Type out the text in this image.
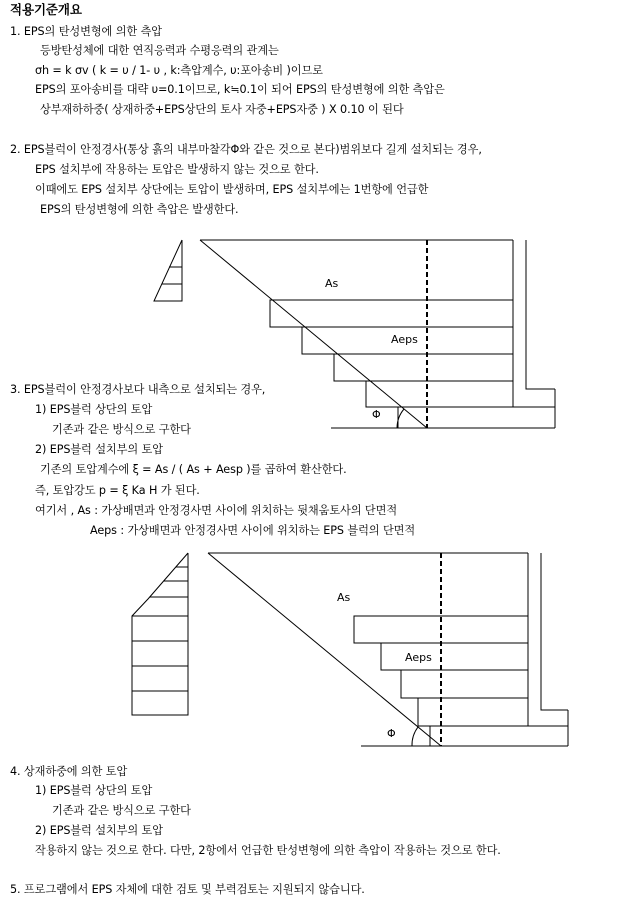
적용기준개요
1. EPS의 탄성변형에 의한 측압
등방탄성체에 대한 연직응력과 수평응력의 관계는
σh = k σv ( k = υ / 1- υ , k:측압계수, υ:포아송비 )이므로
EPS의 포아송비를 대략 υ=0.1이므로, k≒0.1이 되어 EPS의 탄성변형에 의한 측압은
상부재하하중( 상재하중+EPS상단의 토사 자중+EPS자중 ) X 0.10 이 된다
2. EPS블럭이 안정경사(통상 흙의 내부마찰각Φ와 같은 것으로 본다)범위보다 길게 설치되는 경우,
EPS 설치부에 작용하는 토압은 발생하지 않는 것으로 한다.
이때에도 EPS 설치부 상단에는 토압이 발생하며, EPS 설치부에는 1번항에 언급한
EPS의 탄성변형에 의한 측압은 발생한다.
As
Aeps
Φ
3. EPS블럭이 안정경사보다 내측으로 설치되는 경우,
1) EPS블럭 상단의 토압
기존과 같은 방식으로 구한다
2) EPS블럭 설치부의 토압
기존의 토압계수에 ξ = As / ( As + Aesp )를 곱하여 환산한다.
즉, 토압강도 p = ξ Ka H 가 된다.
여기서 , As : 가상배면과 안정경사면 사이에 위치하는 뒷채움토사의 단면적
Aeps : 가상배면과 안정경사면 사이에 위치하는 EPS 블럭의 단면적
As
Aeps
Φ
4. 상재하중에 의한 토압
1) EPS블럭 상단의 토압
기존과 같은 방식으로 구한다
2) EPS블럭 설치부의 토압
작용하지 않는 것으로 한다. 다만, 2항에서 언급한 탄성변형에 의한 측압이 작용하는 것으로 한다.
5. 프로그램에서 EPS 자체에 대한 검토 및 부력검토는 지원되지 않습니다.
